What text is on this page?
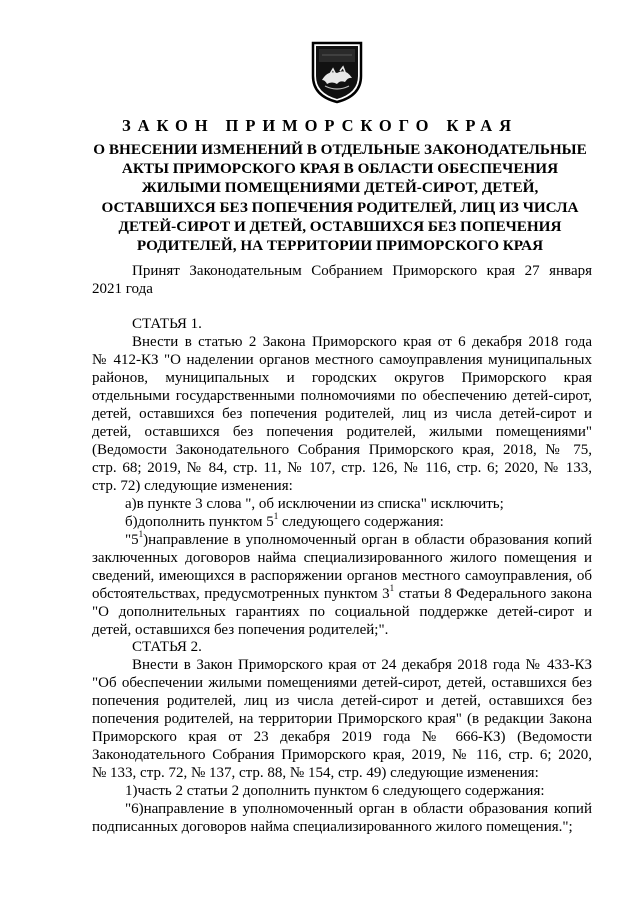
ЗАКОН ПРИМОРСКОГО КРАЯ
О ВНЕСЕНИИ ИЗМЕНЕНИЙ В ОТДЕЛЬНЫЕ ЗАКОНОДАТЕЛЬНЫЕ
АКТЫ ПРИМОРСКОГО КРАЯ В ОБЛАСТИ ОБЕСПЕЧЕНИЯ
ЖИЛЫМИ ПОМЕЩЕНИЯМИ ДЕТЕЙ-СИРОТ, ДЕТЕЙ,
ОСТАВШИХСЯ БЕЗ ПОПЕЧЕНИЯ РОДИТЕЛЕЙ, ЛИЦ ИЗ ЧИСЛА
ДЕТЕЙ-СИРОТ И ДЕТЕЙ, ОСТАВШИХСЯ БЕЗ ПОПЕЧЕНИЯ
РОДИТЕЛЕЙ, НА ТЕРРИТОРИИ ПРИМОРСКОГО КРАЯ
Принят Законодательным Собранием Приморского края 27 января
2021 года
СТАТЬЯ 1.
Внести в статью 2 Закона Приморского края от 6 декабря 2018 года
№ 412-КЗ "О наделении органов местного самоуправления муниципальных
районов, муниципальных и городских округов Приморского края
отдельными государственными полномочиями по обеспечению детей-сирот,
детей, оставшихся без попечения родителей, лиц из числа детей-сирот и
детей, оставшихся без попечения родителей, жилыми помещениями"
(Ведомости Законодательного Собрания Приморского края, 2018, № 75,
стр. 68; 2019, № 84, стр. 11, № 107, стр. 126, № 116, стр. 6; 2020, № 133,
стр. 72) следующие изменения:
а)в пункте 3 слова ", об исключении из списка" исключить;
б)дополнить пунктом $5^1$ следующего содержания:
"$5^1)направление$ в уполномоченный орган в области образования копий
заключенных договоров найма специализированного жилого помещения и
сведений, имеющихся в распоряжении органов местного самоуправления, об
обстоятельствах, предусмотренных пунктом $3^1$ статьи 8 Федерального закона
"О дополнительных гарантиях по социальной поддержке детей-сирот и
детей, оставшихся без попечения родителей;".
СТАТЬЯ 2.
Внести в Закон Приморского края от 24 декабря 2018 года № 433-КЗ
"Об обеспечении жилыми помещениями детей-сирот, детей, оставшихся без
попечения родителей, лиц из числа детей-сирот и детей, оставшихся без
попечения родителей, на территории Приморского края" (в редакции Закона
Приморского края от 23 декабря 2019 года № 666-КЗ) (Ведомости
Законодательного Собрания Приморского края, 2019, № 116, стр. 6; 2020,
№ 133, стр. 72, № 137, стр. 88, № 154, стр. 49) следующие изменения:
1)часть 2 статьи 2 дополнить пунктом 6 следующего содержания:
"6)направление в уполномоченный орган в области образования копий
подписанных договоров найма специализированного жилого помещения.";
